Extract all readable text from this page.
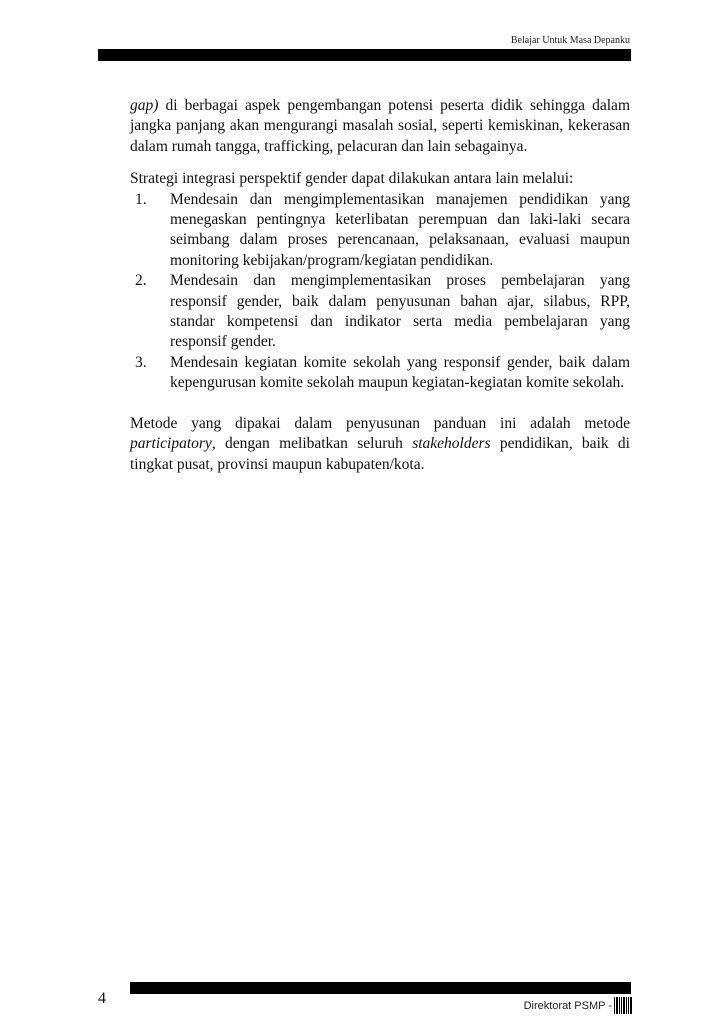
Belajar Untuk Masa Depanku

gap) di berbagai aspek pengembangan potensi peserta didik sehingga dalam jangka panjang akan mengurangi masalah sosial, seperti kemiskinan, kekerasan dalam rumah tangga, trafficking, pelacuran dan lain sebagainya.

Strategi integrasi perspektif gender dapat dilakukan antara lain melalui:

1.	Mendesain dan mengimplementasikan manajemen pendidikan yang menegaskan pentingnya keterlibatan perempuan dan laki-laki secara seimbang dalam proses perencanaan, pelaksanaan, evaluasi maupun monitoring kebijakan/program/kegiatan pendidikan.
2.	Mendesain dan mengimplementasikan proses pembelajaran yang responsif gender, baik dalam penyusunan bahan ajar, silabus, RPP, standar kompetensi dan indikator serta media pembelajaran yang responsif gender.
3.	Mendesain kegiatan komite sekolah yang responsif gender, baik dalam kepengurusan komite sekolah maupun kegiatan-kegiatan komite sekolah.

Metode yang dipakai dalam penyusunan panduan ini adalah metode participatory, dengan melibatkan seluruh stakeholders pendidikan, baik di tingkat pusat, provinsi maupun kabupaten/kota.

4	Direktorat PSMP -
